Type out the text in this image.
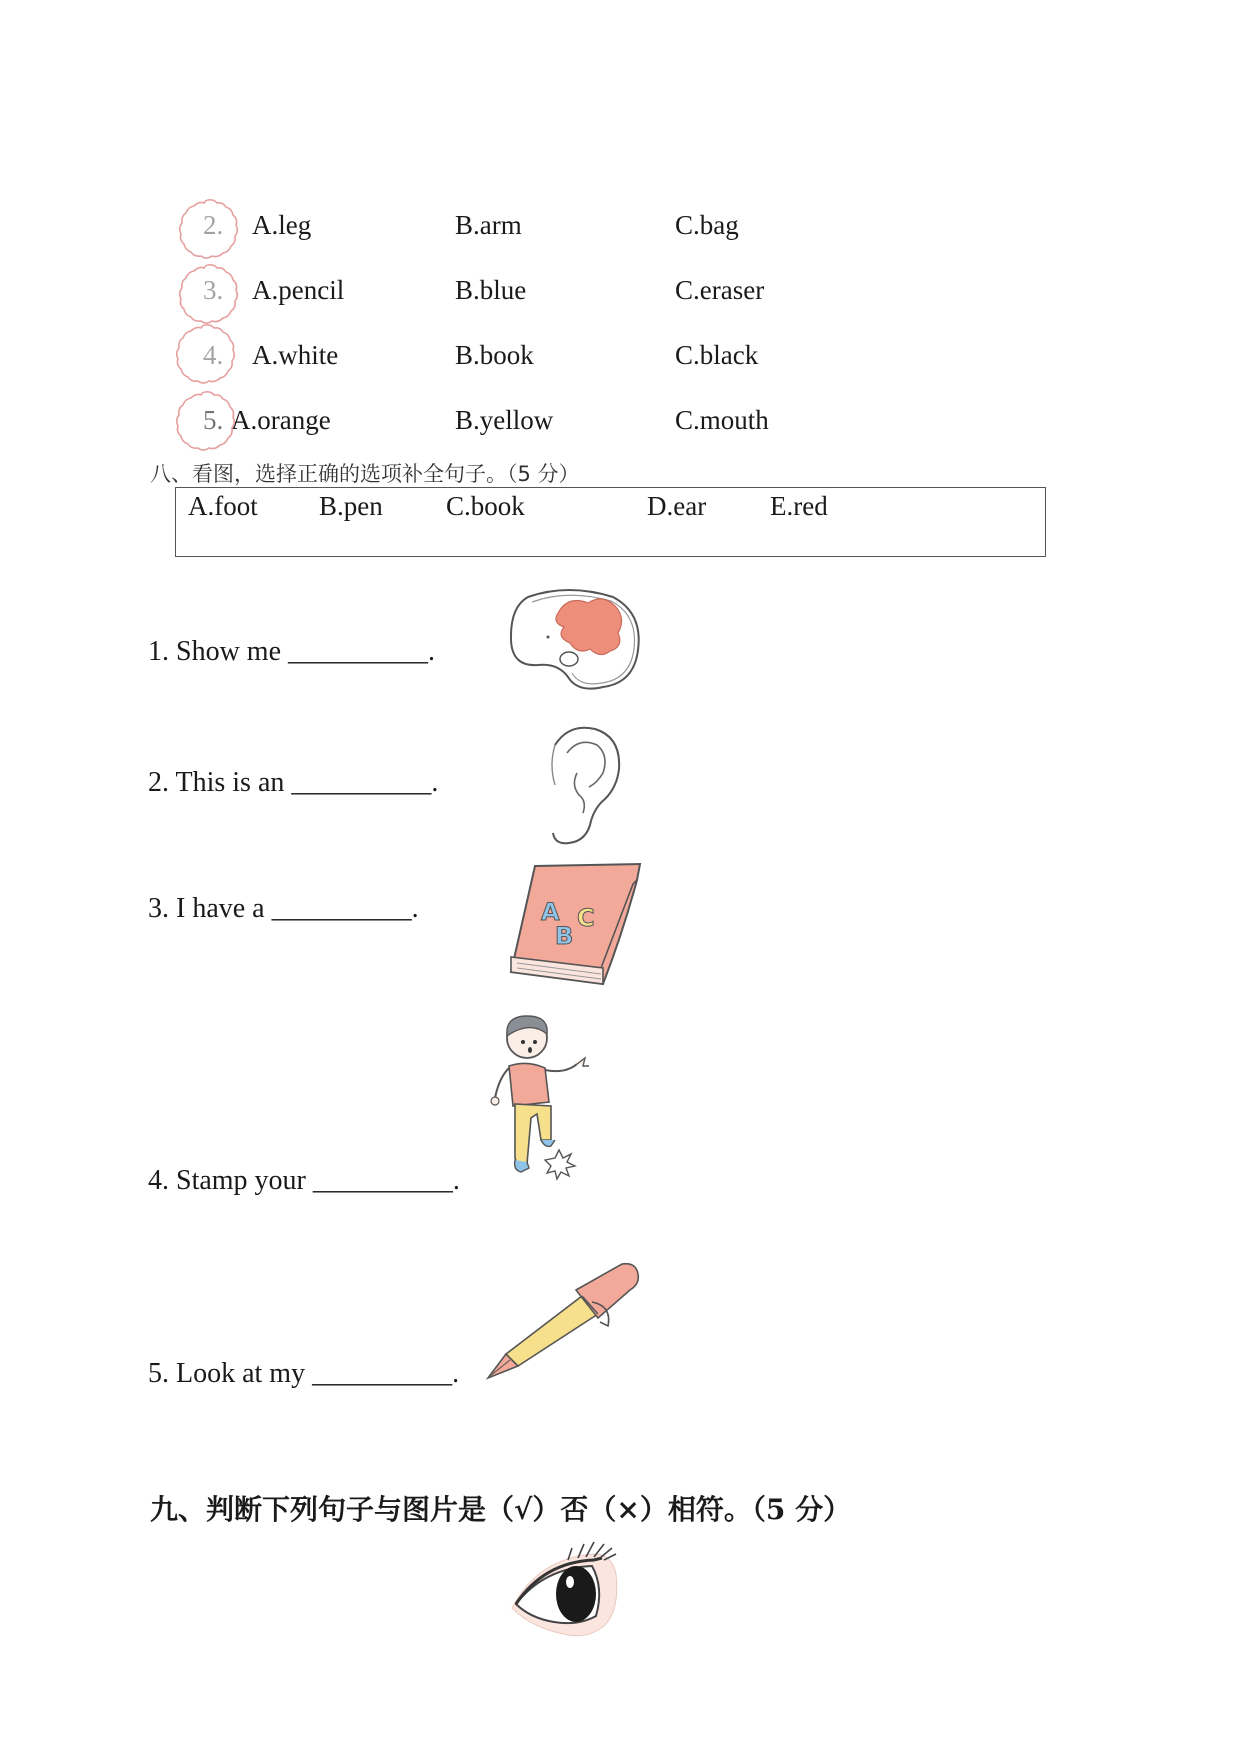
A.leg	B.arm	C.bag
A.pencil	B.blue	C.eraser
A.white	B.book	C.black
5. A.orange	B.yellow	C.mouth
八、看图，选择正确的选项补全句子。（5 分）
A.foot B.pen C.book	D.ear E.red
1. Show me __________.
2. This is an __________.
3. I have a __________.
4. Stamp your __________.
5. Look at my __________.
A
B
C
九、判断下列句子与图片是（√）否（×）相符。（5 分）
